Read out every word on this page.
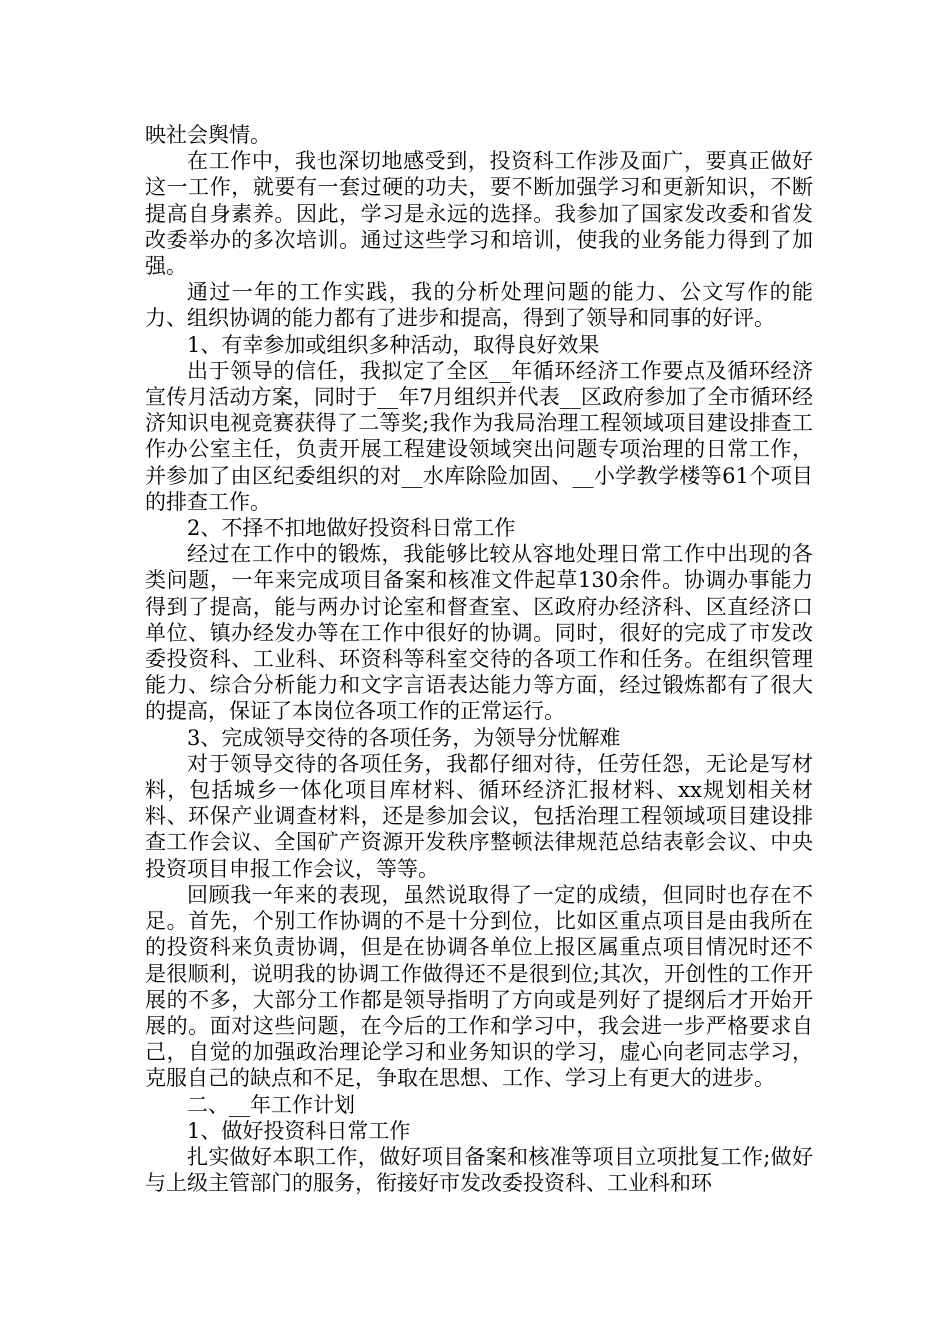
映社会舆情。

在工作中，我也深切地感受到，投资科工作涉及面广，要真正做好这一工作，就要有一套过硬的功夫，要不断加强学习和更新知识，不断提高自身素养。因此，学习是永远的选择。我参加了国家发改委和省发改委举办的多次培训。通过这些学习和培训，使我的业务能力得到了加强。

通过一年的工作实践，我的分析处理问题的能力、公文写作的能力、组织协调的能力都有了进步和提高，得到了领导和同事的好评。

1、有幸参加或组织多种活动，取得良好效果

出于领导的信任，我拟定了全区__年循环经济工作要点及循环经济宣传月活动方案，同时于__年7月组织并代表__区政府参加了全市循环经济知识电视竞赛获得了二等奖;我作为我局治理工程领域项目建设排查工作办公室主任，负责开展工程建设领域突出问题专项治理的日常工作，并参加了由区纪委组织的对__水库除险加固、__小学教学楼等61个项目的排查工作。

2、不择不扣地做好投资科日常工作

经过在工作中的锻炼，我能够比较从容地处理日常工作中出现的各类问题，一年来完成项目备案和核准文件起草130余件。协调办事能力得到了提高，能与两办讨论室和督查室、区政府办经济科、区直经济口单位、镇办经发办等在工作中很好的协调。同时，很好的完成了市发改委投资科、工业科、环资科等科室交待的各项工作和任务。在组织管理能力、综合分析能力和文字言语表达能力等方面，经过锻炼都有了很大的提高，保证了本岗位各项工作的正常运行。

3、完成领导交待的各项任务，为领导分忧解难

对于领导交待的各项任务，我都仔细对待，任劳任怨，无论是写材料，包括城乡一体化项目库材料、循环经济汇报材料、xx规划相关材料、环保产业调查材料，还是参加会议，包括治理工程领域项目建设排查工作会议、全国矿产资源开发秩序整顿法律规范总结表彰会议、中央投资项目申报工作会议，等等。

回顾我一年来的表现，虽然说取得了一定的成绩，但同时也存在不足。首先，个别工作协调的不是十分到位，比如区重点项目是由我所在的投资科来负责协调，但是在协调各单位上报区属重点项目情况时还不是很顺利，说明我的协调工作做得还不是很到位;其次，开创性的工作开展的不多，大部分工作都是领导指明了方向或是列好了提纲后才开始开展的。面对这些问题，在今后的工作和学习中，我会进一步严格要求自己，自觉的加强政治理论学习和业务知识的学习，虚心向老同志学习，克服自己的缺点和不足，争取在思想、工作、学习上有更大的进步。

二、__年工作计划

1、做好投资科日常工作

扎实做好本职工作，做好项目备案和核准等项目立项批复工作;做好与上级主管部门的服务，衔接好市发改委投资科、工业科和环
